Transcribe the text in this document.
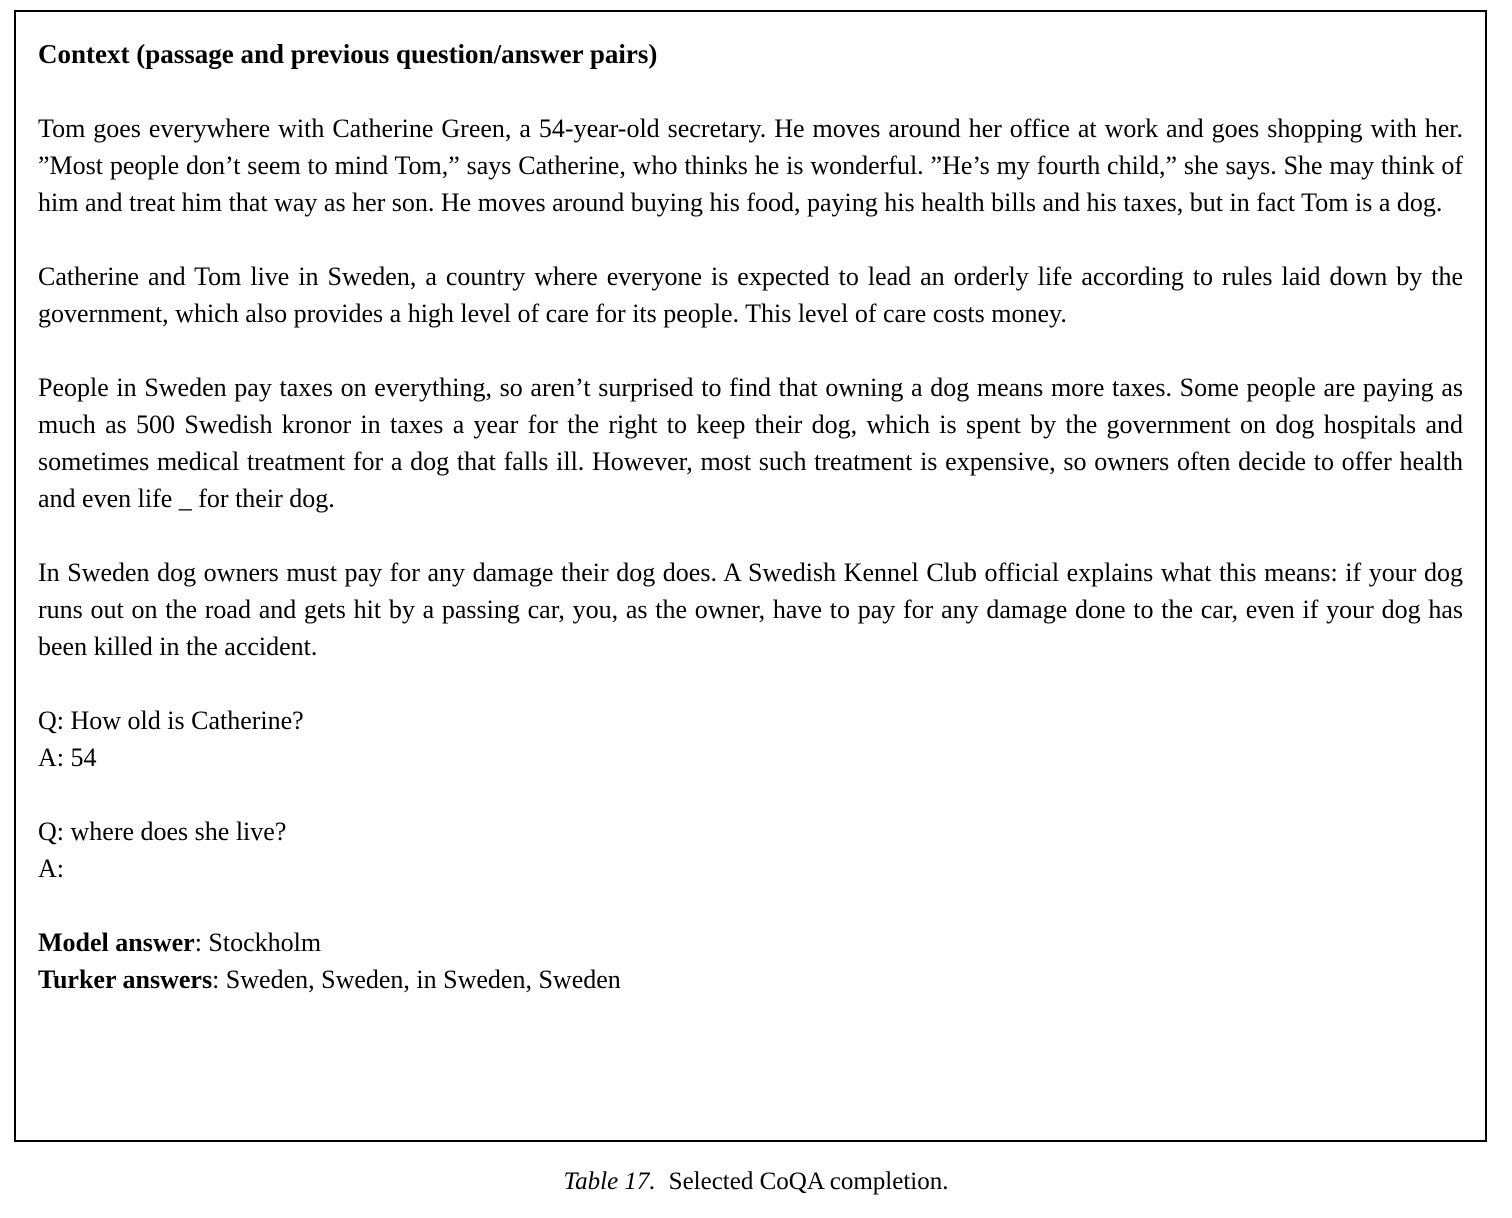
Context (passage and previous question/answer pairs)

Tom goes everywhere with Catherine Green, a 54-year-old secretary. He moves around her office at work and goes shopping with her. ”Most people don’t seem to mind Tom,” says Catherine, who thinks he is wonderful. ”He’s my fourth child,” she says. She may think of him and treat him that way as her son. He moves around buying his food, paying his health bills and his taxes, but in fact Tom is a dog.

Catherine and Tom live in Sweden, a country where everyone is expected to lead an orderly life according to rules laid down by the government, which also provides a high level of care for its people. This level of care costs money.

People in Sweden pay taxes on everything, so aren’t surprised to find that owning a dog means more taxes. Some people are paying as much as 500 Swedish kronor in taxes a year for the right to keep their dog, which is spent by the government on dog hospitals and sometimes medical treatment for a dog that falls ill. However, most such treatment is expensive, so owners often decide to offer health and even life _ for their dog.

In Sweden dog owners must pay for any damage their dog does. A Swedish Kennel Club official explains what this means: if your dog runs out on the road and gets hit by a passing car, you, as the owner, have to pay for any damage done to the car, even if your dog has been killed in the accident.

Q: How old is Catherine?
A: 54
Q: where does she live?
A:
Model answer: Stockholm
Turker answers: Sweden, Sweden, in Sweden, Sweden
Table 17. Selected CoQA completion.
